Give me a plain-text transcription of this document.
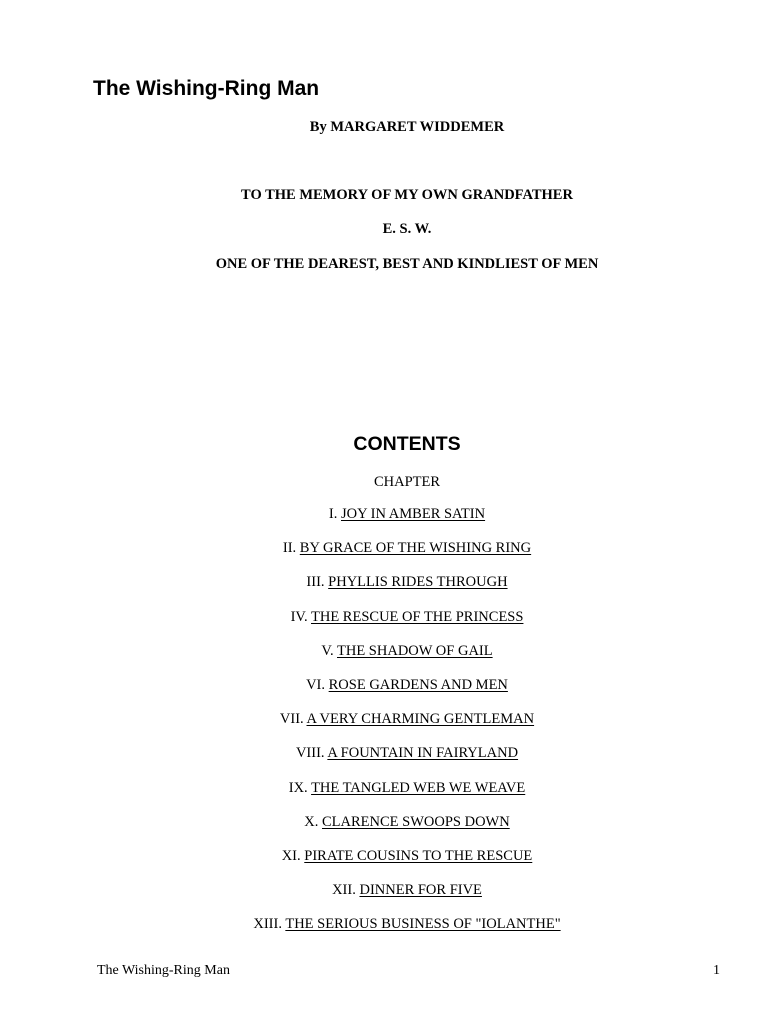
The Wishing-Ring Man
By MARGARET WIDDEMER
TO THE MEMORY OF MY OWN GRANDFATHER
E. S. W.
ONE OF THE DEAREST, BEST AND KINDLIEST OF MEN
CONTENTS
CHAPTER
I. JOY IN AMBER SATIN
II. BY GRACE OF THE WISHING RING
III. PHYLLIS RIDES THROUGH
IV. THE RESCUE OF THE PRINCESS
V. THE SHADOW OF GAIL
VI. ROSE GARDENS AND MEN
VII. A VERY CHARMING GENTLEMAN
VIII. A FOUNTAIN IN FAIRYLAND
IX. THE TANGLED WEB WE WEAVE
X. CLARENCE SWOOPS DOWN
XI. PIRATE COUSINS TO THE RESCUE
XII. DINNER FOR FIVE
XIII. THE SERIOUS BUSINESS OF "IOLANTHE"
The Wishing-Ring Man	1
